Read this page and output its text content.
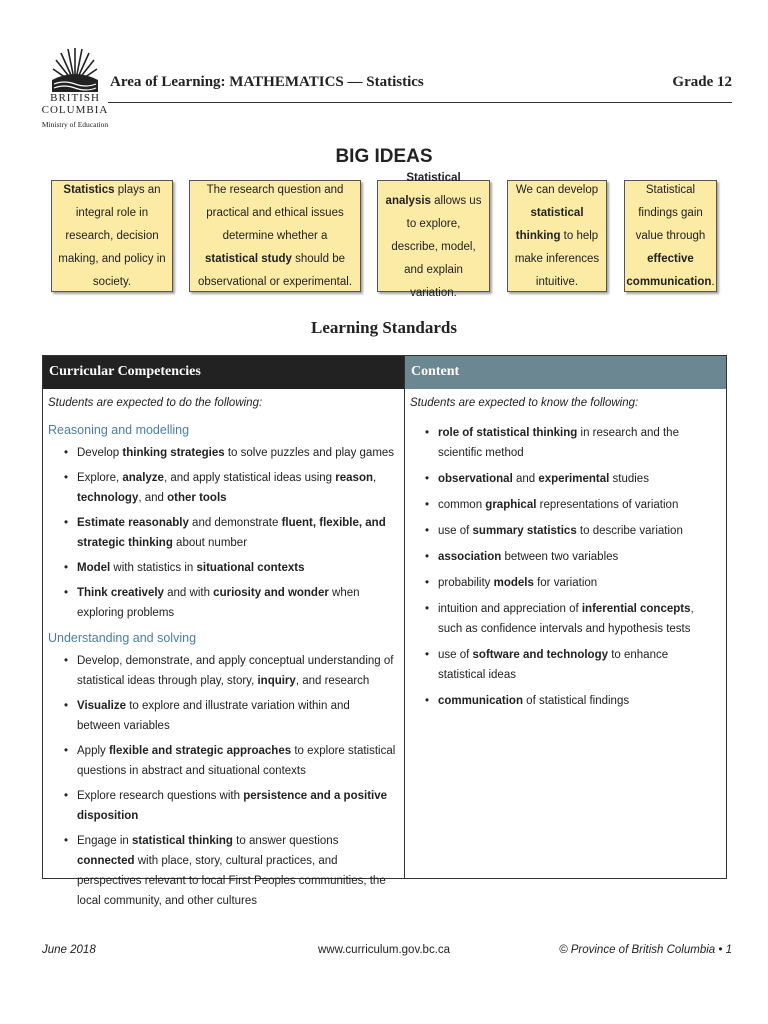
BRITISH
COLUMBIA
Ministry of Education
Area of Learning: MATHEMATICS — Statistics	Grade 12
BIG IDEAS
Statistics plays an integral role in research, decision making, and policy in society.
The research question and practical and ethical issues determine whether a statistical study should be observational or experimental.
Statistical analysis allows us to explore, describe, model, and explain variation.
We can develop statistical thinking to help make inferences intuitive.
Statistical findings gain value through effective communication.
Learning Standards
Curricular Competencies
Students are expected to do the following:
Reasoning and modelling
• Develop thinking strategies to solve puzzles and play games
• Explore, analyze, and apply statistical ideas using reason, technology, and other tools
• Estimate reasonably and demonstrate fluent, flexible, and strategic thinking about number
• Model with statistics in situational contexts
• Think creatively and with curiosity and wonder when exploring problems
Understanding and solving
• Develop, demonstrate, and apply conceptual understanding of statistical ideas through play, story, inquiry, and research
• Visualize to explore and illustrate variation within and between variables
• Apply flexible and strategic approaches to explore statistical questions in abstract and situational contexts
• Explore research questions with persistence and a positive disposition
• Engage in statistical thinking to answer questions connected with place, story, cultural practices, and perspectives relevant to local First Peoples communities, the local community, and other cultures
Content
Students are expected to know the following:
• role of statistical thinking in research and the scientific method
• observational and experimental studies
• common graphical representations of variation
• use of summary statistics to describe variation
• association between two variables
• probability models for variation
• intuition and appreciation of inferential concepts, such as confidence intervals and hypothesis tests
• use of software and technology to enhance statistical ideas
• communication of statistical findings
June 2018	www.curriculum.gov.bc.ca	© Province of British Columbia • 1
